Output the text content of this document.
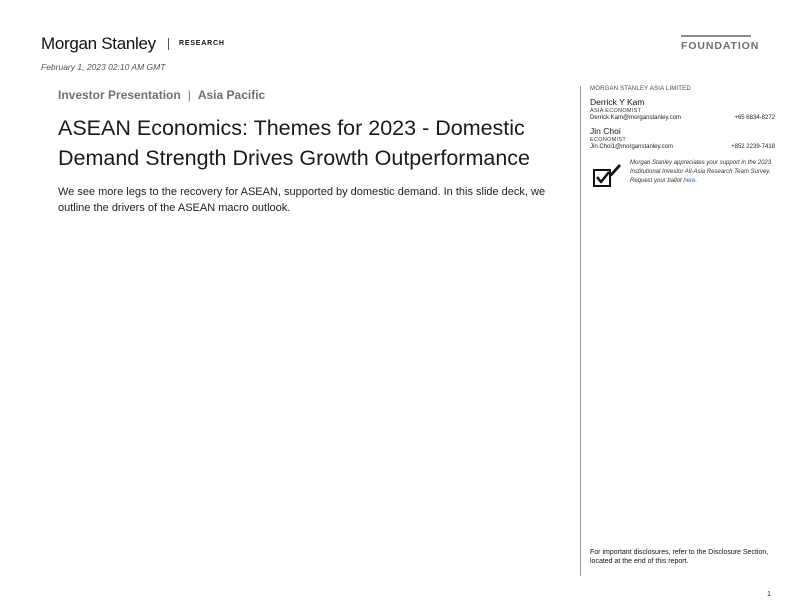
Morgan Stanley	RESEARCH
February 1, 2023 02:10 AM GMT
FOUNDATION
Investor Presentation | Asia Pacific
ASEAN Economics: Themes for 2023 - Domestic Demand Strength Drives Growth Outperformance
We see more legs to the recovery for ASEAN, supported by domestic demand. In this slide deck, we outline the drivers of the ASEAN macro outlook.
MORGAN STANLEY ASIA LIMITED
Derrick Y Kam
ASIA ECONOMIST
Derrick.Kam@morganstanley.com	+65 6834-8272
Jin Choi
ECONOMIST
Jin.Choi1@morganstanley.com	+852 2239-7418
Morgan Stanley appreciates your support in the 2023 Institutional Investor All-Asia Research Team Survey. Request your ballot here.
For important disclosures, refer to the Disclosure Section, located at the end of this report.
1
